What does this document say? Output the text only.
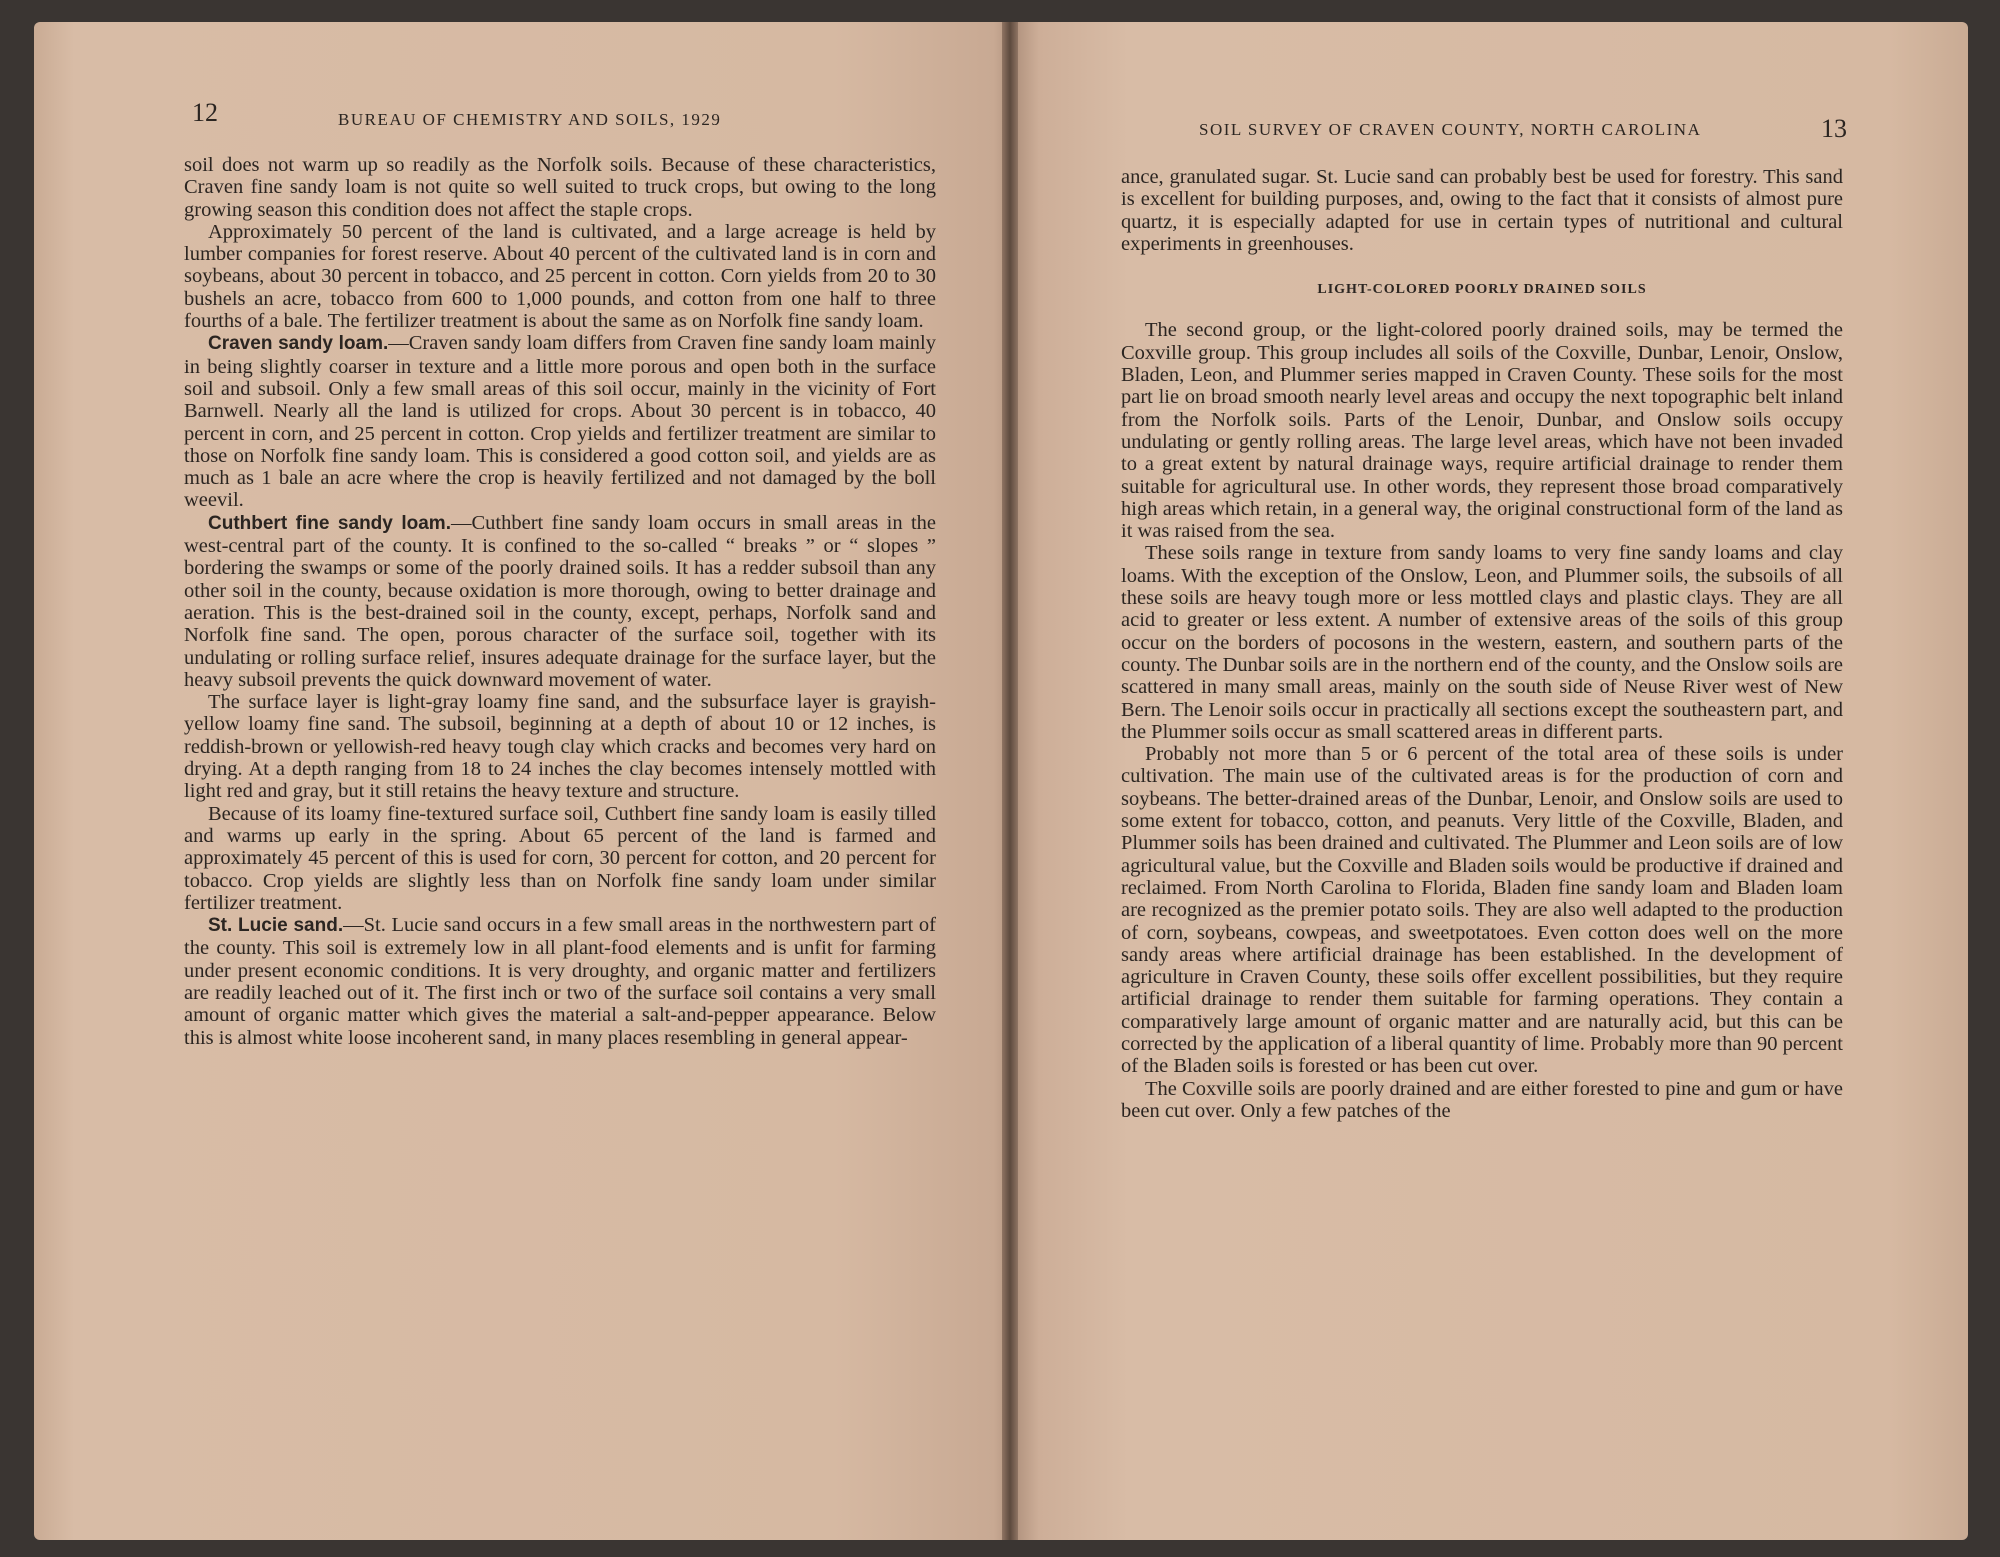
12	BUREAU OF CHEMISTRY AND SOILS, 1929

soil does not warm up so readily as the Norfolk soils. Because of these characteristics, Craven fine sandy loam is not quite so well suited to truck crops, but owing to the long growing season this condition does not affect the staple crops.

Approximately 50 percent of the land is cultivated, and a large acreage is held by lumber companies for forest reserve. About 40 percent of the cultivated land is in corn and soybeans, about 30 percent in tobacco, and 25 percent in cotton. Corn yields from 20 to 30 bushels an acre, tobacco from 600 to 1,000 pounds, and cotton from one half to three fourths of a bale. The fertilizer treatment is about the same as on Norfolk fine sandy loam.

Craven sandy loam.—Craven sandy loam differs from Craven fine sandy loam mainly in being slightly coarser in texture and a little more porous and open both in the surface soil and subsoil. Only a few small areas of this soil occur, mainly in the vicinity of Fort Barnwell. Nearly all the land is utilized for crops. About 30 percent is in tobacco, 40 percent in corn, and 25 percent in cotton. Crop yields and fertilizer treatment are similar to those on Norfolk fine sandy loam. This is considered a good cotton soil, and yields are as much as 1 bale an acre where the crop is heavily fertilized and not damaged by the boll weevil.

Cuthbert fine sandy loam.—Cuthbert fine sandy loam occurs in small areas in the west-central part of the county. It is confined to the so-called “ breaks ” or “ slopes ” bordering the swamps or some of the poorly drained soils. It has a redder subsoil than any other soil in the county, because oxidation is more thorough, owing to better drainage and aeration. This is the best-drained soil in the county, except, perhaps, Norfolk sand and Norfolk fine sand. The open, porous character of the surface soil, together with its undulating or rolling surface relief, insures adequate drainage for the surface layer, but the heavy subsoil prevents the quick downward movement of water.

The surface layer is light-gray loamy fine sand, and the subsurface layer is grayish-yellow loamy fine sand. The subsoil, beginning at a depth of about 10 or 12 inches, is reddish-brown or yellowish-red heavy tough clay which cracks and becomes very hard on drying. At a depth ranging from 18 to 24 inches the clay becomes intensely mottled with light red and gray, but it still retains the heavy texture and structure.

Because of its loamy fine-textured surface soil, Cuthbert fine sandy loam is easily tilled and warms up early in the spring. About 65 percent of the land is farmed and approximately 45 percent of this is used for corn, 30 percent for cotton, and 20 percent for tobacco. Crop yields are slightly less than on Norfolk fine sandy loam under similar fertilizer treatment.

St. Lucie sand.—St. Lucie sand occurs in a few small areas in the northwestern part of the county. This soil is extremely low in all plant-food elements and is unfit for farming under present economic conditions. It is very droughty, and organic matter and fertilizers are readily leached out of it. The first inch or two of the surface soil contains a very small amount of organic matter which gives the material a salt-and-pepper appearance. Below this is almost white loose incoherent sand, in many places resembling in general appear-

SOIL SURVEY OF CRAVEN COUNTY, NORTH CAROLINA	13

ance, granulated sugar. St. Lucie sand can probably best be used for forestry. This sand is excellent for building purposes, and, owing to the fact that it consists of almost pure quartz, it is especially adapted for use in certain types of nutritional and cultural experiments in greenhouses.

LIGHT-COLORED POORLY DRAINED SOILS

The second group, or the light-colored poorly drained soils, may be termed the Coxville group. This group includes all soils of the Coxville, Dunbar, Lenoir, Onslow, Bladen, Leon, and Plummer series mapped in Craven County. These soils for the most part lie on broad smooth nearly level areas and occupy the next topographic belt inland from the Norfolk soils. Parts of the Lenoir, Dunbar, and Onslow soils occupy undulating or gently rolling areas. The large level areas, which have not been invaded to a great extent by natural drainage ways, require artificial drainage to render them suitable for agricultural use. In other words, they represent those broad comparatively high areas which retain, in a general way, the original constructional form of the land as it was raised from the sea.

These soils range in texture from sandy loams to very fine sandy loams and clay loams. With the exception of the Onslow, Leon, and Plummer soils, the subsoils of all these soils are heavy tough more or less mottled clays and plastic clays. They are all acid to greater or less extent. A number of extensive areas of the soils of this group occur on the borders of pocosons in the western, eastern, and southern parts of the county. The Dunbar soils are in the northern end of the county, and the Onslow soils are scattered in many small areas, mainly on the south side of Neuse River west of New Bern. The Lenoir soils occur in practically all sections except the southeastern part, and the Plummer soils occur as small scattered areas in different parts.

Probably not more than 5 or 6 percent of the total area of these soils is under cultivation. The main use of the cultivated areas is for the production of corn and soybeans. The better-drained areas of the Dunbar, Lenoir, and Onslow soils are used to some extent for tobacco, cotton, and peanuts. Very little of the Coxville, Bladen, and Plummer soils has been drained and cultivated. The Plummer and Leon soils are of low agricultural value, but the Coxville and Bladen soils would be productive if drained and reclaimed. From North Carolina to Florida, Bladen fine sandy loam and Bladen loam are recognized as the premier potato soils. They are also well adapted to the production of corn, soybeans, cowpeas, and sweetpotatoes. Even cotton does well on the more sandy areas where artificial drainage has been established. In the development of agriculture in Craven County, these soils offer excellent possibilities, but they require artificial drainage to render them suitable for farming operations. They contain a comparatively large amount of organic matter and are naturally acid, but this can be corrected by the application of a liberal quantity of lime. Probably more than 90 percent of the Bladen soils is forested or has been cut over.

The Coxville soils are poorly drained and are either forested to pine and gum or have been cut over. Only a few patches of the
